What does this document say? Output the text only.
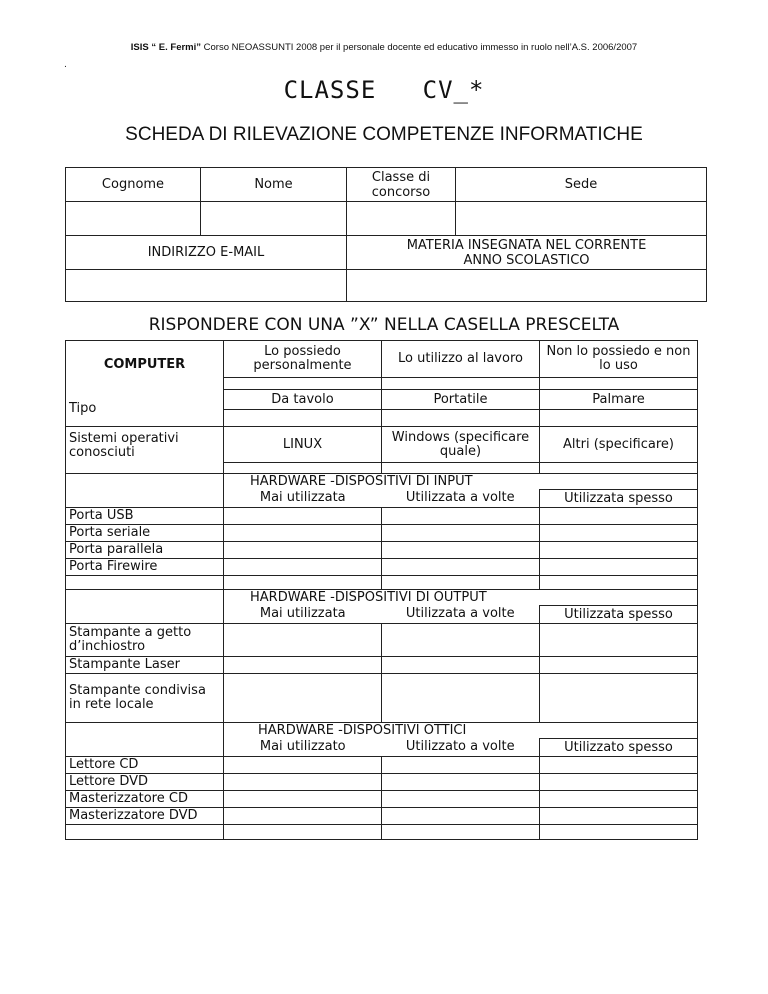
ISIS “ E. Fermi” Corso NEOASSUNTI 2008 per il personale docente ed educativo immesso in ruolo nell’A.S. 2006/2007
.
CLASSE   CV_*
SCHEDA DI RILEVAZIONE COMPETENZE INFORMATICHE
Cognome	Nome	Classe di concorso	Sede

INDIRIZZO E-MAIL		MATERIA INSEGNATA NEL CORRENTE ANNO SCOLASTICO	

RISPONDERE CON UNA ”X” NELLA CASELLA PRESCELTA
COMPUTER	Lo possiedo personalmente	Lo utilizzo al lavoro	Non lo possiedo e non lo uso

	Da tavolo	Portatile	Palmare
Tipo			
Sistemi operativi conosciuti	LINUX	Windows (specificare quale)	Altri (specificare)

	HARDWARE -DISPOSITIVI DI INPUT		
	Mai utilizzata	Utilizzata a volte	Utilizzata spesso
Porta USB			
Porta seriale			
Porta parallela			
Porta Firewire			

	HARDWARE -DISPOSITIVI DI OUTPUT		
	Mai utilizzata	Utilizzata a volte	Utilizzata spesso
Stampante a getto d’inchiostro			
Stampante Laser			
Stampante condivisa in rete locale			
	HARDWARE -DISPOSITIVI OTTICI		
	Mai utilizzato	Utilizzato a volte	Utilizzato spesso
Lettore CD			
Lettore DVD			
Masterizzatore CD			
Masterizzatore DVD			
